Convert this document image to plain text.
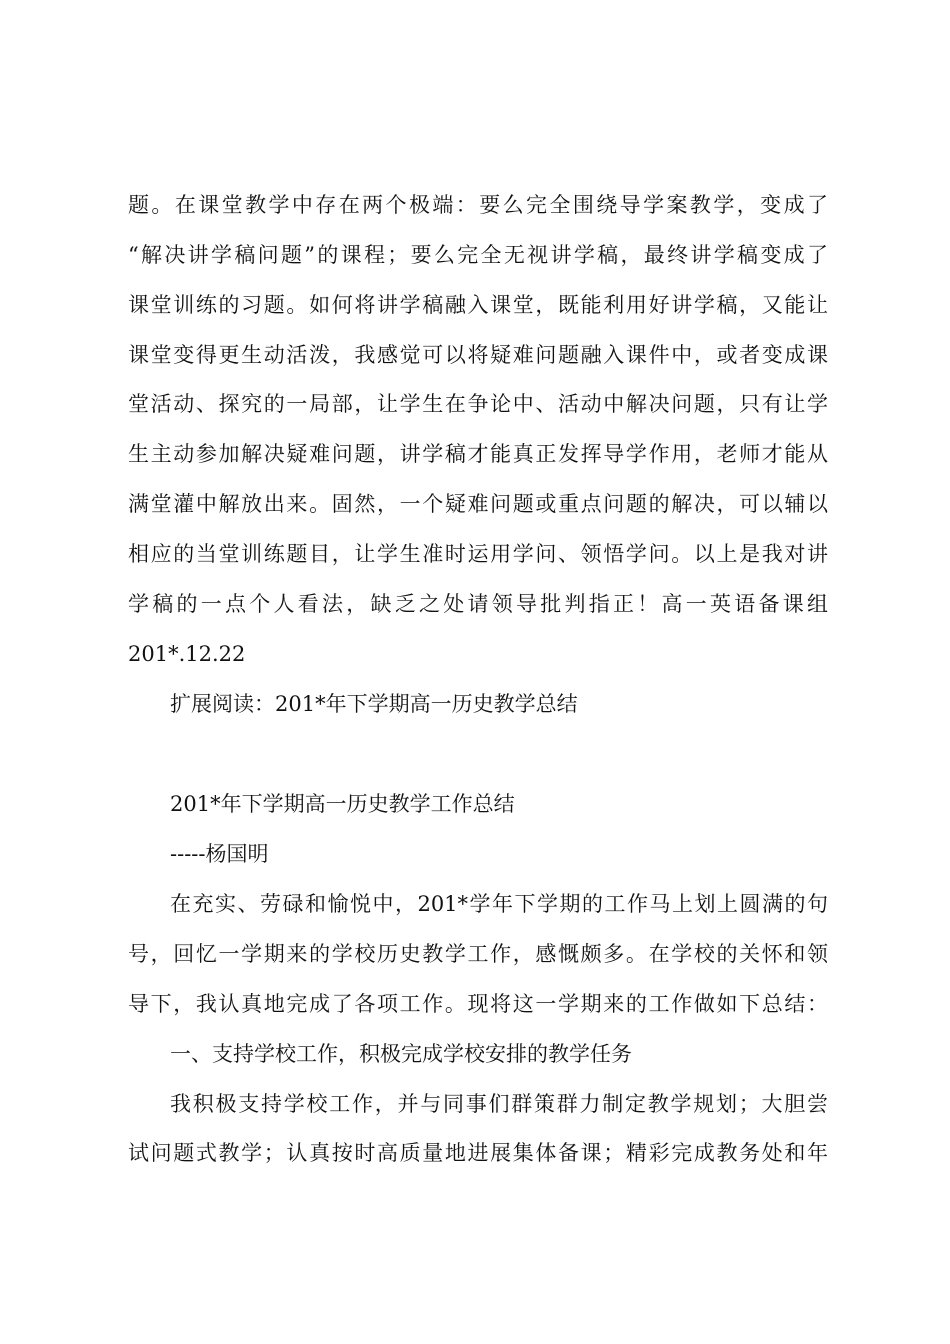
题。在课堂教学中存在两个极端：要么完全围绕导学案教学，变成了
“解决讲学稿问题”的课程；要么完全无视讲学稿，最终讲学稿变成了
课堂训练的习题。如何将讲学稿融入课堂，既能利用好讲学稿，又能让
课堂变得更生动活泼，我感觉可以将疑难问题融入课件中，或者变成课
堂活动、探究的一局部，让学生在争论中、活动中解决问题，只有让学
生主动参加解决疑难问题，讲学稿才能真正发挥导学作用，老师才能从
满堂灌中解放出来。固然，一个疑难问题或重点问题的解决，可以辅以
相应的当堂训练题目，让学生准时运用学问、领悟学问。以上是我对讲
学稿的一点个人看法，缺乏之处请领导批判指正！高一英语备课组
201*.12.22
扩展阅读：201*年下学期高一历史教学总结
201*年下学期高一历史教学工作总结
-----杨国明
在充实、劳碌和愉悦中，201*学年下学期的工作马上划上圆满的句
号，回忆一学期来的学校历史教学工作，感慨颇多。在学校的关怀和领
导下，我认真地完成了各项工作。现将这一学期来的工作做如下总结：
一、支持学校工作，积极完成学校安排的教学任务
我积极支持学校工作，并与同事们群策群力制定教学规划；大胆尝
试问题式教学；认真按时高质量地进展集体备课；精彩完成教务处和年
